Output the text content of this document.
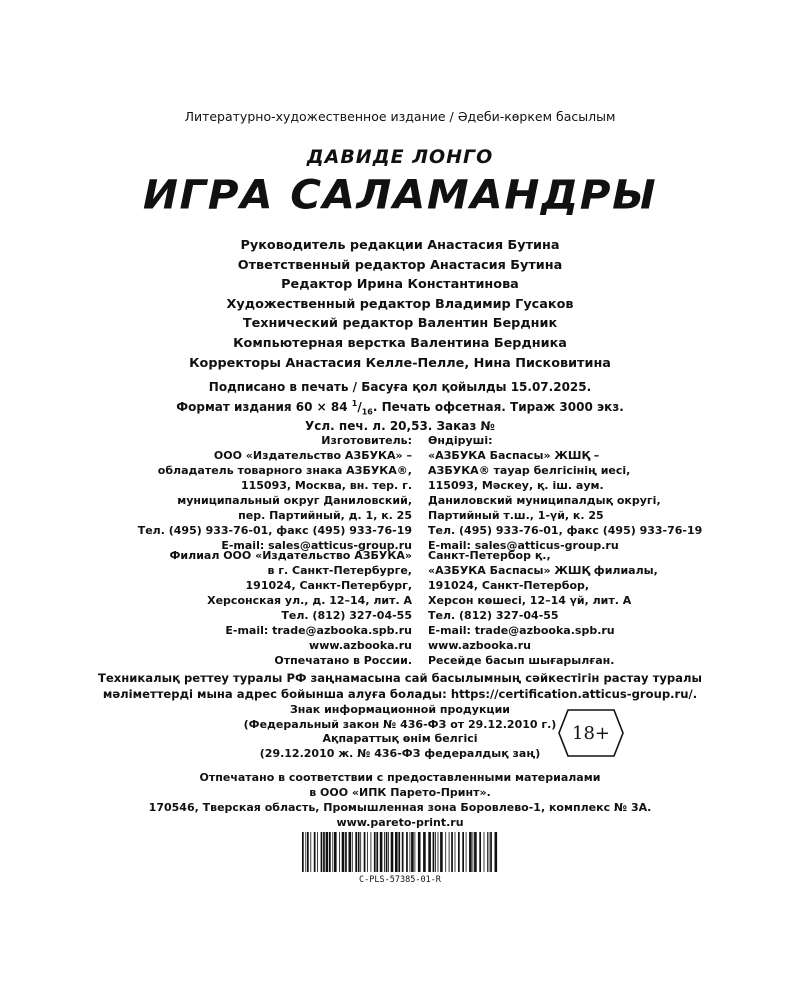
Литературно-художественное издание / Әдеби-көркем басылым
ДАВИДЕ ЛОНГО
ИГРА САЛАМАНДРЫ
Руководитель редакции Анастасия Бутина
Ответственный редактор Анастасия Бутина
Редактор Ирина Константинова
Художественный редактор Владимир Гусаков
Технический редактор Валентин Бердник
Компьютерная верстка Валентина Бердника
Корректоры Анастасия Келле-Пелле, Нина Писковитина
Подписано в печать / Басуға қол қойылды 15.07.2025.
Формат издания 60 × 84 $^1/_{16}$. Печать офсетная. Тираж 3000 экз.
Усл. печ. л. 20,53. Заказ №
Изготовитель:
ООО «Издательство АЗБУКА» –
обладатель товарного знака АЗБУКА®,
115093, Москва, вн. тер. г.
муниципальный округ Даниловский,
пер. Партийный, д. 1, к. 25
Тел. (495) 933-76-01, факс (495) 933-76-19
E-mail: sales@atticus-group.ru
Өндіруші:
«АЗБУКА Баспасы» ЖШҚ –
АЗБУКА® тауар белгісінің иесі,
115093, Мәскеу, қ. іш. аум.
Даниловский муниципалдық округі,
Партийный т.ш., 1-үй, к. 25
Тел. (495) 933-76-01, факс (495) 933-76-19
E-mail: sales@atticus-group.ru
Филиал ООО «Издательство АЗБУКА»
в г. Санкт-Петербурге,
191024, Санкт-Петербург,
Херсонская ул., д. 12–14, лит. А
Тел. (812) 327-04-55
E-mail: trade@azbooka.spb.ru
Санкт-Петербор қ.,
«АЗБУКА Баспасы» ЖШҚ филиалы,
191024, Санкт-Петербор,
Херсон көшесі, 12–14 үй, лит. А
Тел. (812) 327-04-55
E-mail: trade@azbooka.spb.ru
www.azbooka.ru
Отпечатано в России.
www.azbooka.ru
Ресейде басып шығарылған.
Техникалық реттеу туралы РФ заңнамасына сай басылымның сәйкестігін растау туралы
мәліметтерді мына адрес бойынша алуға болады: https://certification.atticus-group.ru/.
Знак информационной продукции
(Федеральный закон № 436-ФЗ от 29.12.2010 г.)
Ақпараттық өнім белгісі
(29.12.2010 ж. № 436-ФЗ федералдық заң)
18+
Отпечатано в соответствии с предоставленными материалами
в ООО «ИПК Парето-Принт».
170546, Тверская область, Промышленная зона Боровлево-1, комплекс № 3А.
www.pareto-print.ru
C-PLS-57385-01-R
